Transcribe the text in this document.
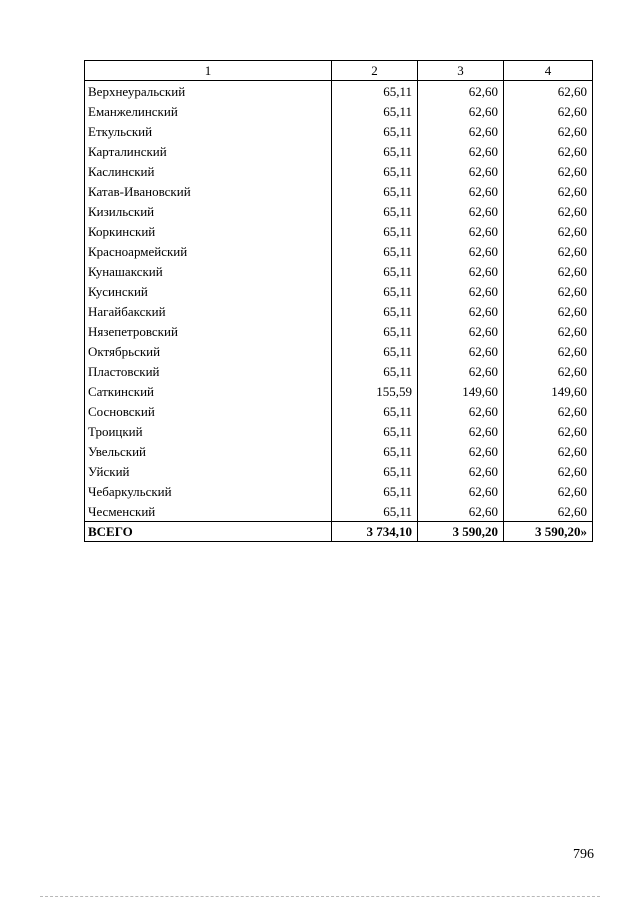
1	2	3	4
Верхнеуральский	65,11	62,60	62,60
Еманжелинский	65,11	62,60	62,60
Еткульский	65,11	62,60	62,60
Карталинский	65,11	62,60	62,60
Каслинский	65,11	62,60	62,60
Катав-Ивановский	65,11	62,60	62,60
Кизильский	65,11	62,60	62,60
Коркинский	65,11	62,60	62,60
Красноармейский	65,11	62,60	62,60
Кунашакский	65,11	62,60	62,60
Кусинский	65,11	62,60	62,60
Нагайбакский	65,11	62,60	62,60
Нязепетровский	65,11	62,60	62,60
Октябрьский	65,11	62,60	62,60
Пластовский	65,11	62,60	62,60
Саткинский	155,59	149,60	149,60
Сосновский	65,11	62,60	62,60
Троицкий	65,11	62,60	62,60
Увельский	65,11	62,60	62,60
Уйский	65,11	62,60	62,60
Чебаркульский	65,11	62,60	62,60
Чесменский	65,11	62,60	62,60
ВСЕГО	3 734,10	3 590,20	3 590,20»
796
